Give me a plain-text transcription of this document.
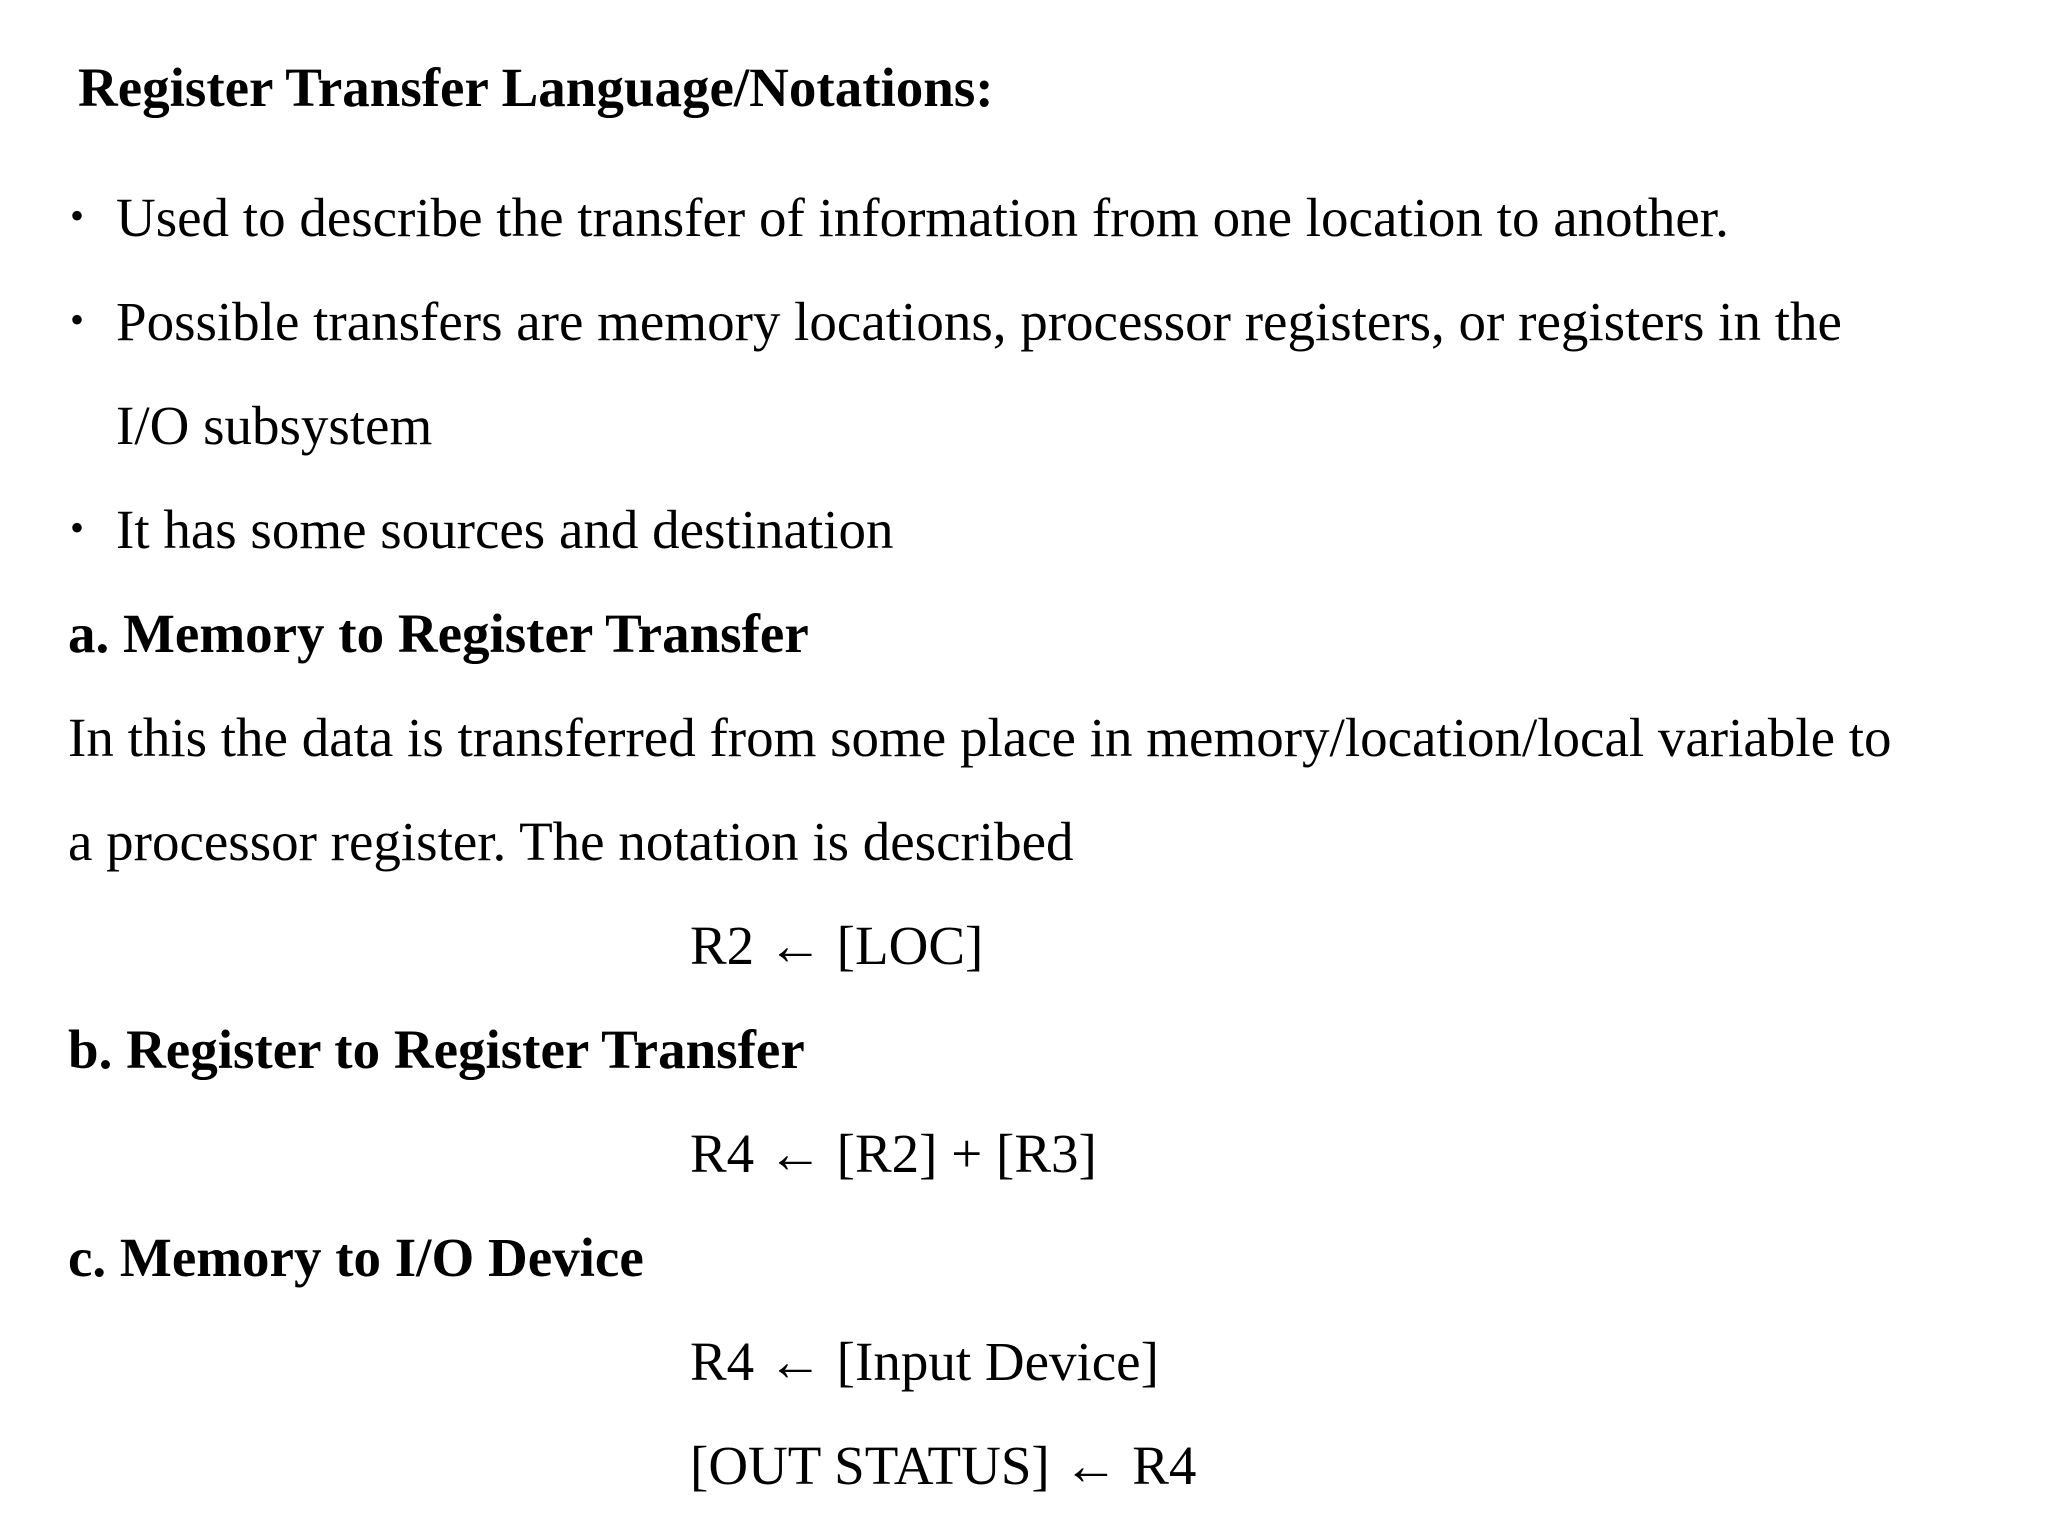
Register Transfer Language/Notations:
• Used to describe the transfer of information from one location to another.
• Possible transfers are memory locations, processor registers, or registers in the
I/O subsystem
• It has some sources and destination
a. Memory to Register Transfer
In this the data is transferred from some place in memory/location/local variable to
a processor register. The notation is described
R2 ← [LOC]
b. Register to Register Transfer
R4 ← [R2] + [R3]
c. Memory to I/O Device
R4 ← [Input Device]
[OUT STATUS] ← R4
